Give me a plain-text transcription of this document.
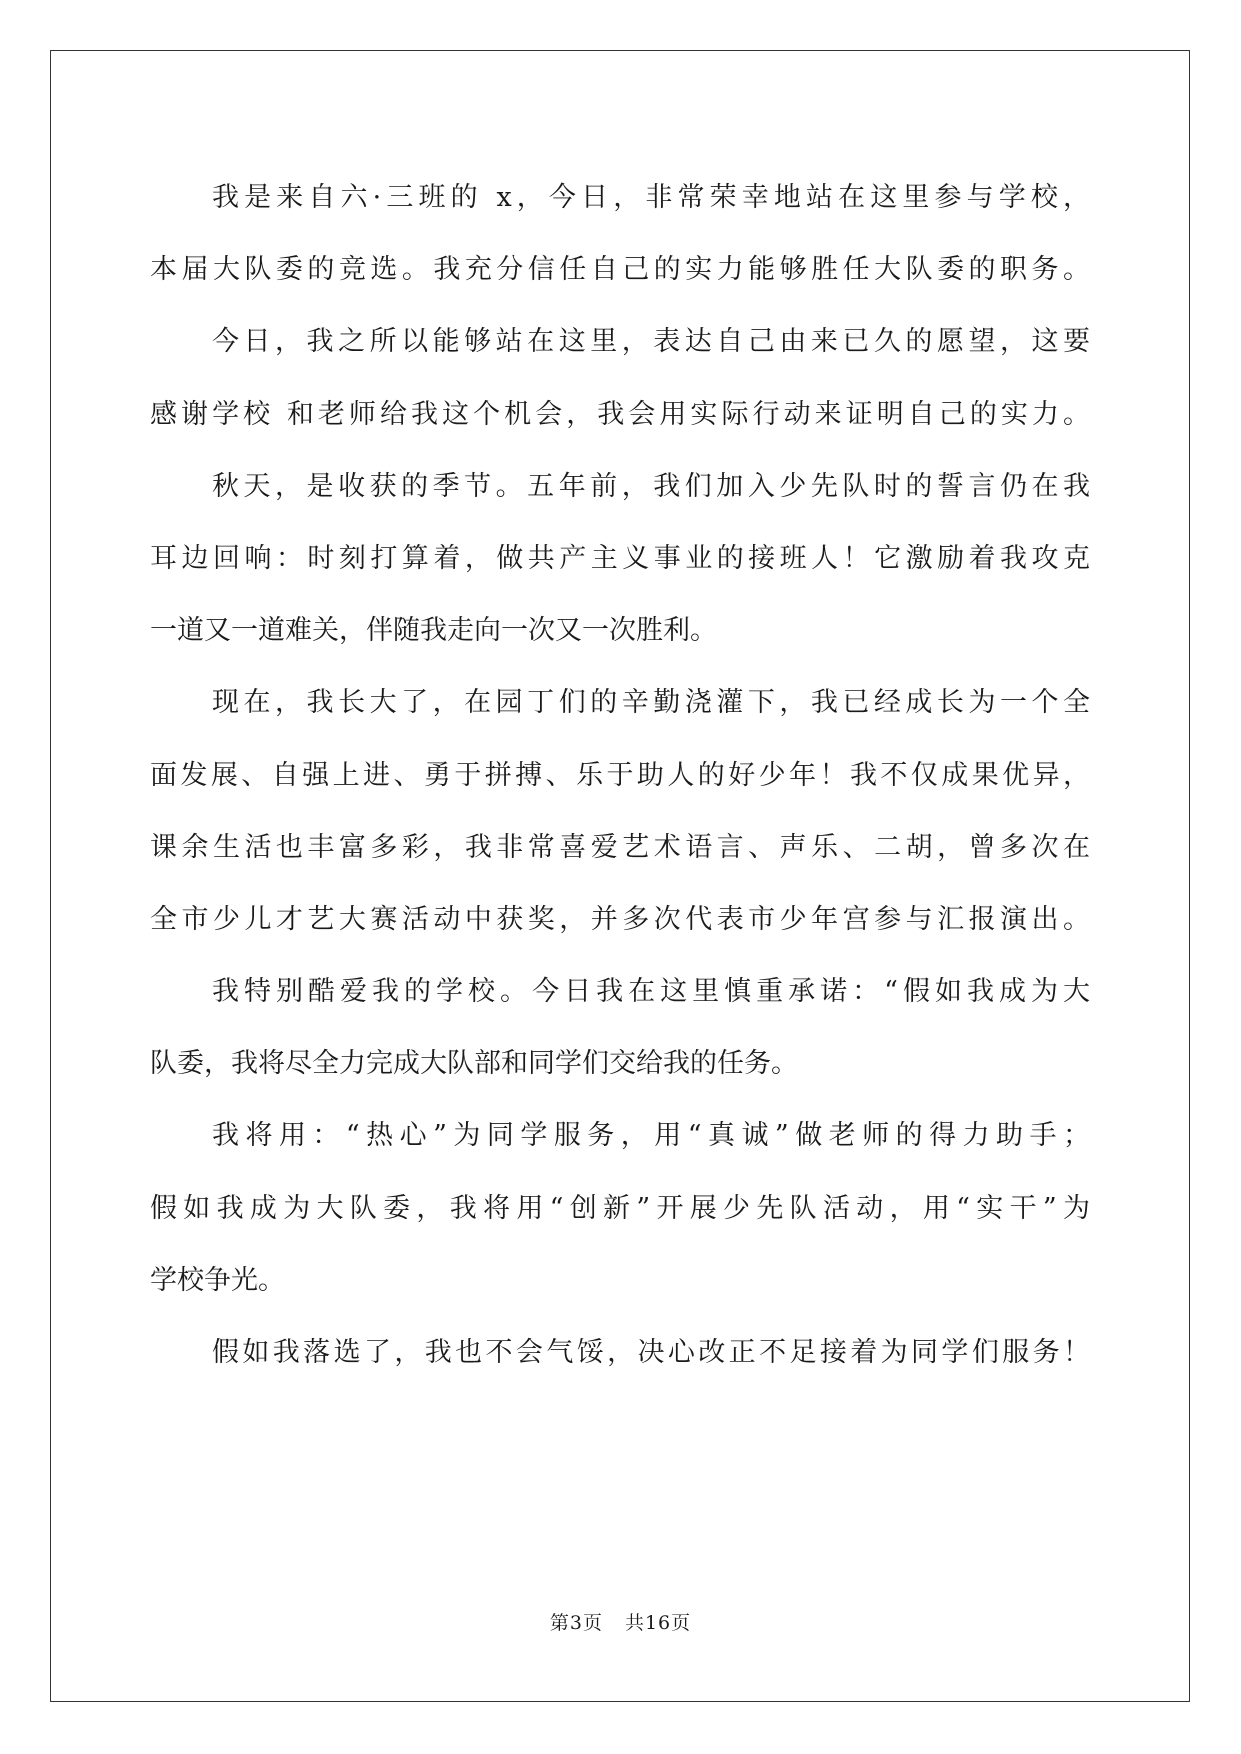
我是来自六·三班的 x，今日，非常荣幸地站在这里参与学校，
本届大队委的竞选。我充分信任自己的实力能够胜任大队委的职务。
今日，我之所以能够站在这里，表达自己由来已久的愿望，这要
感谢学校 和老师给我这个机会，我会用实际行动来证明自己的实力。
秋天，是收获的季节。五年前，我们加入少先队时的誓言仍在我
耳边回响：时刻打算着，做共产主义事业的接班人！它激励着我攻克
一道又一道难关，伴随我走向一次又一次胜利。
现在，我长大了，在园丁们的辛勤浇灌下，我已经成长为一个全
面发展、自强上进、勇于拼搏、乐于助人的好少年！我不仅成果优异，
课余生活也丰富多彩，我非常喜爱艺术语言、声乐、二胡，曾多次在
全市少儿才艺大赛活动中获奖，并多次代表市少年宫参与汇报演出。
我特别酷爱我的学校。今日我在这里慎重承诺：“假如我成为大
队委，我将尽全力完成大队部和同学们交给我的任务。
我将用：“热心”为同学服务，用“真诚”做老师的得力助手；
假如我成为大队委，我将用“创新”开展少先队活动，用“实干”为
学校争光。
假如我落选了，我也不会气馁，决心改正不足接着为同学们服务！
第3页 共16页
